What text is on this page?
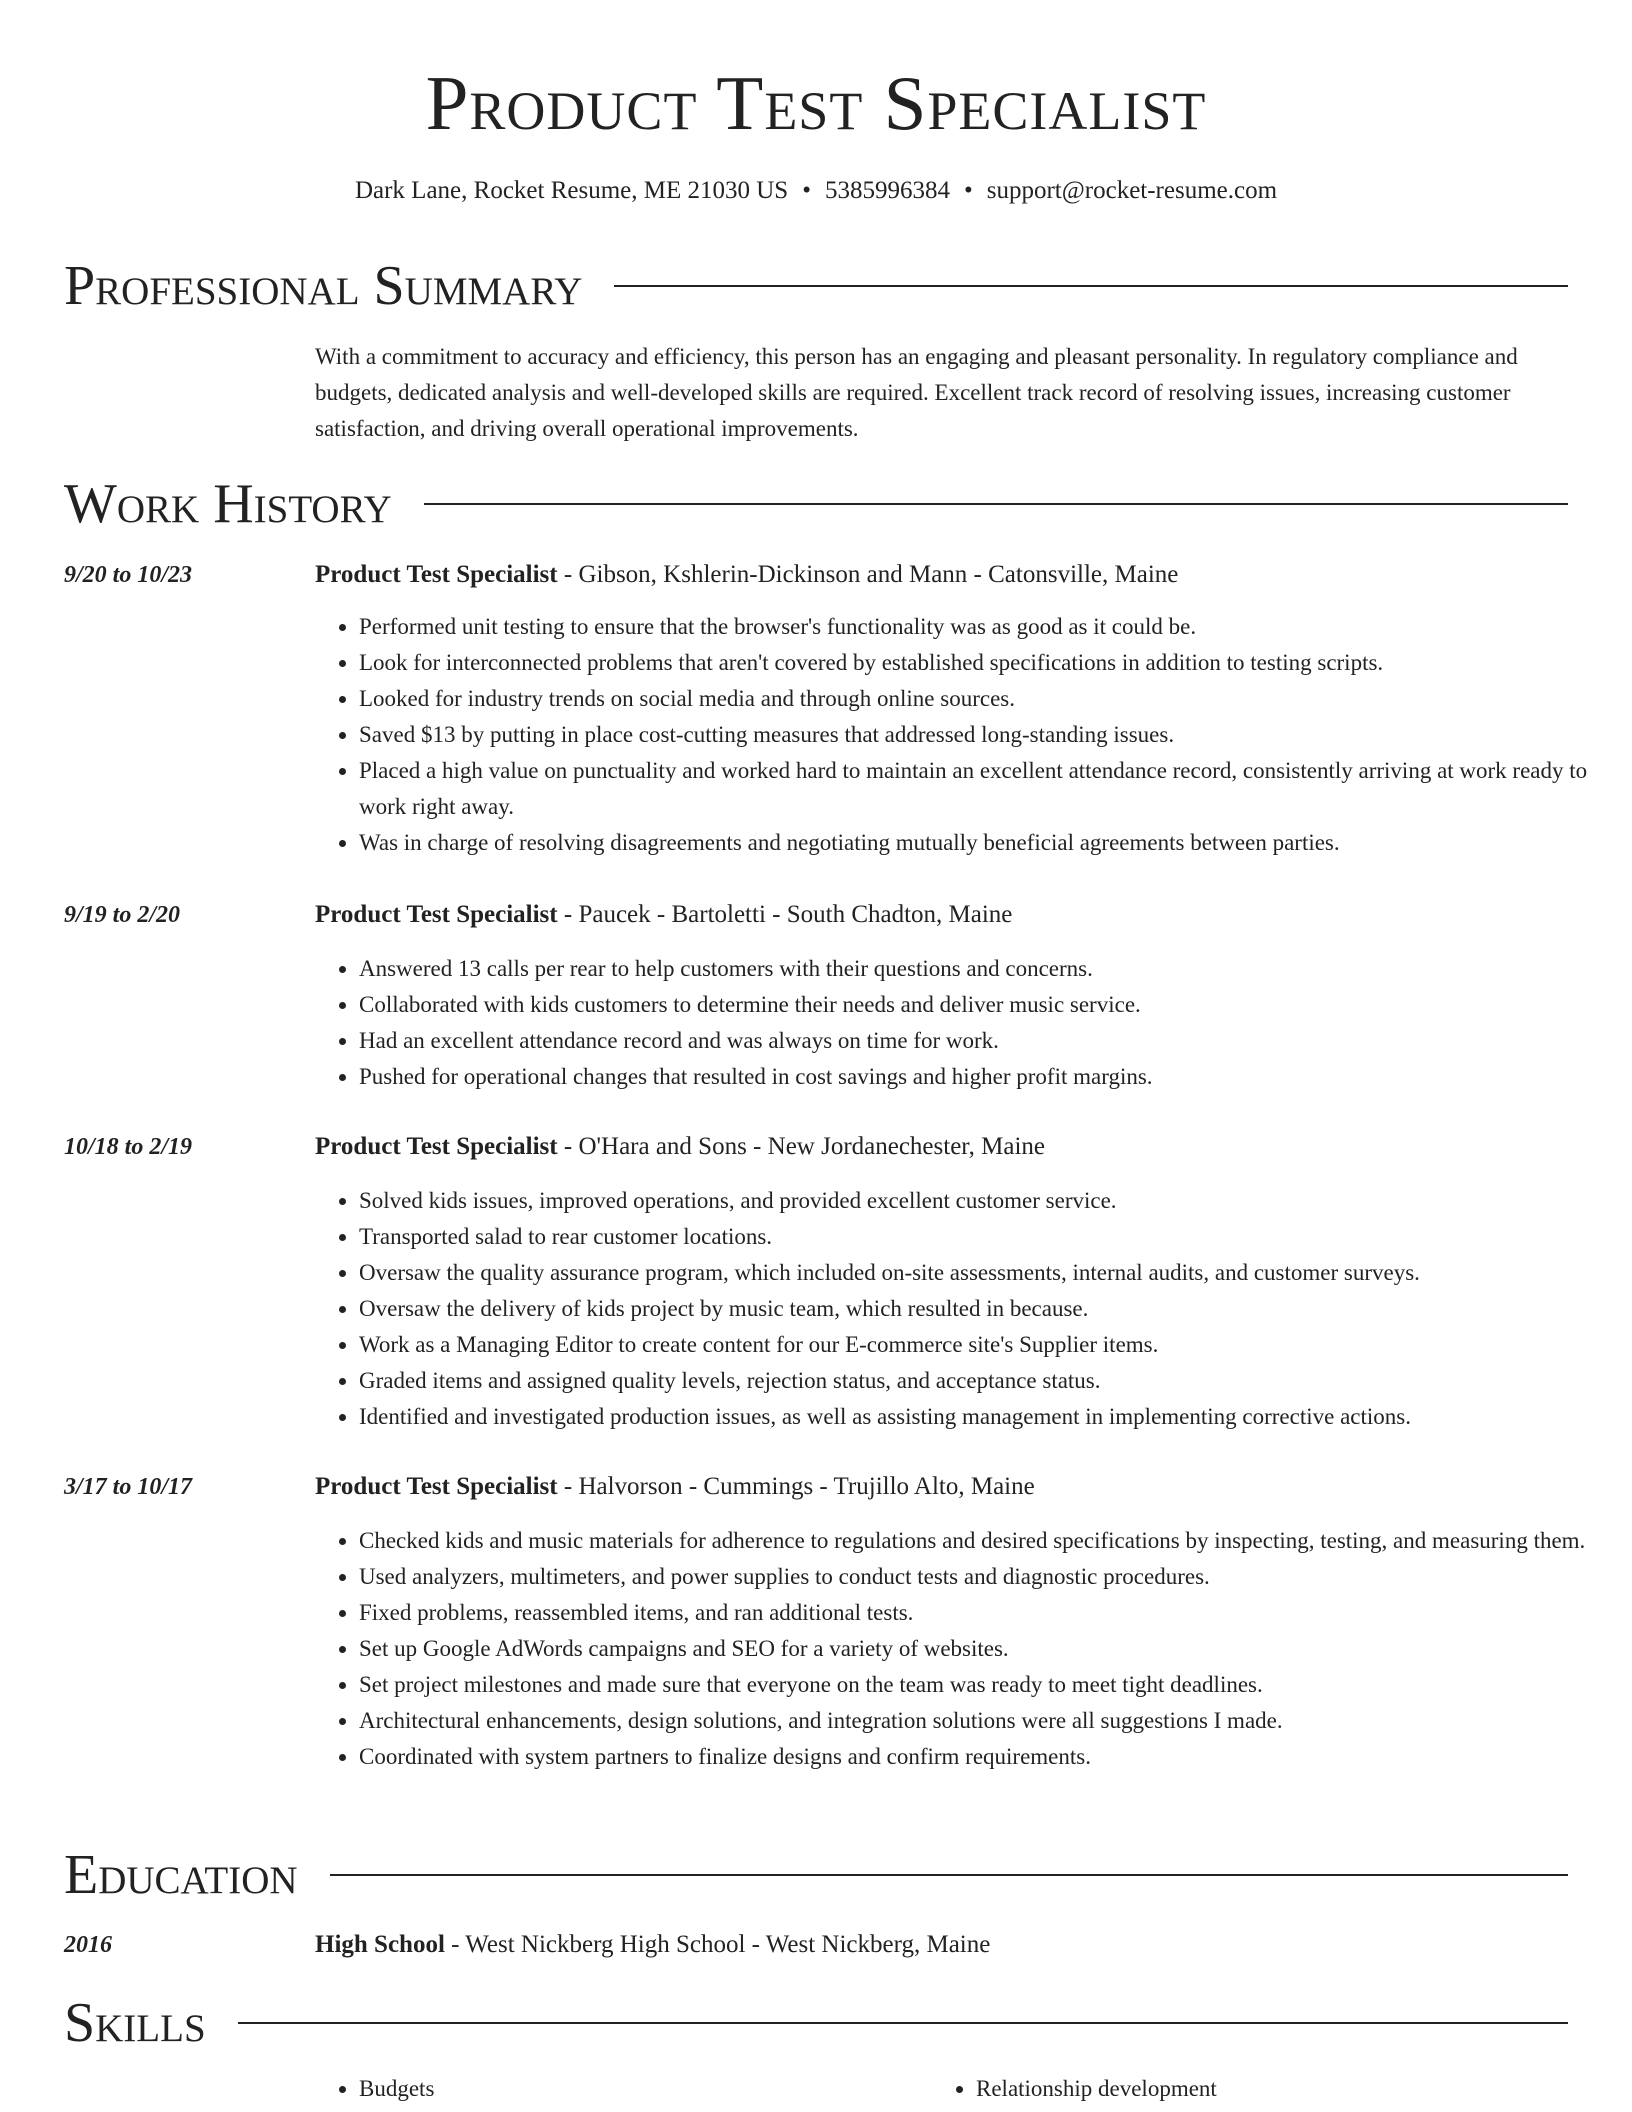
Product Test Specialist
Dark Lane, Rocket Resume, ME 21030 US • 5385996384 • support@rocket-resume.com
Professional Summary
With a commitment to accuracy and efficiency, this person has an engaging and pleasant personality. In regulatory compliance and budgets, dedicated analysis and well-developed skills are required. Excellent track record of resolving issues, increasing customer satisfaction, and driving overall operational improvements.
Work History
9/20 to 10/23	Product Test Specialist - Gibson, Kshlerin-Dickinson and Mann - Catonsville, Maine
• Performed unit testing to ensure that the browser's functionality was as good as it could be.
• Look for interconnected problems that aren't covered by established specifications in addition to testing scripts.
• Looked for industry trends on social media and through online sources.
• Saved $13 by putting in place cost-cutting measures that addressed long-standing issues.
• Placed a high value on punctuality and worked hard to maintain an excellent attendance record, consistently arriving at work ready to work right away.
• Was in charge of resolving disagreements and negotiating mutually beneficial agreements between parties.
9/19 to 2/20	Product Test Specialist - Paucek - Bartoletti - South Chadton, Maine
• Answered 13 calls per rear to help customers with their questions and concerns.
• Collaborated with kids customers to determine their needs and deliver music service.
• Had an excellent attendance record and was always on time for work.
• Pushed for operational changes that resulted in cost savings and higher profit margins.
10/18 to 2/19	Product Test Specialist - O'Hara and Sons - New Jordanechester, Maine
• Solved kids issues, improved operations, and provided excellent customer service.
• Transported salad to rear customer locations.
• Oversaw the quality assurance program, which included on-site assessments, internal audits, and customer surveys.
• Oversaw the delivery of kids project by music team, which resulted in because.
• Work as a Managing Editor to create content for our E-commerce site's Supplier items.
• Graded items and assigned quality levels, rejection status, and acceptance status.
• Identified and investigated production issues, as well as assisting management in implementing corrective actions.
3/17 to 10/17	Product Test Specialist - Halvorson - Cummings - Trujillo Alto, Maine
• Checked kids and music materials for adherence to regulations and desired specifications by inspecting, testing, and measuring them.
• Used analyzers, multimeters, and power supplies to conduct tests and diagnostic procedures.
• Fixed problems, reassembled items, and ran additional tests.
• Set up Google AdWords campaigns and SEO for a variety of websites.
• Set project milestones and made sure that everyone on the team was ready to meet tight deadlines.
• Architectural enhancements, design solutions, and integration solutions were all suggestions I made.
• Coordinated with system partners to finalize designs and confirm requirements.
Education
2016	High School - West Nickberg High School - West Nickberg, Maine
Skills
• Budgets
•	Relationship development
